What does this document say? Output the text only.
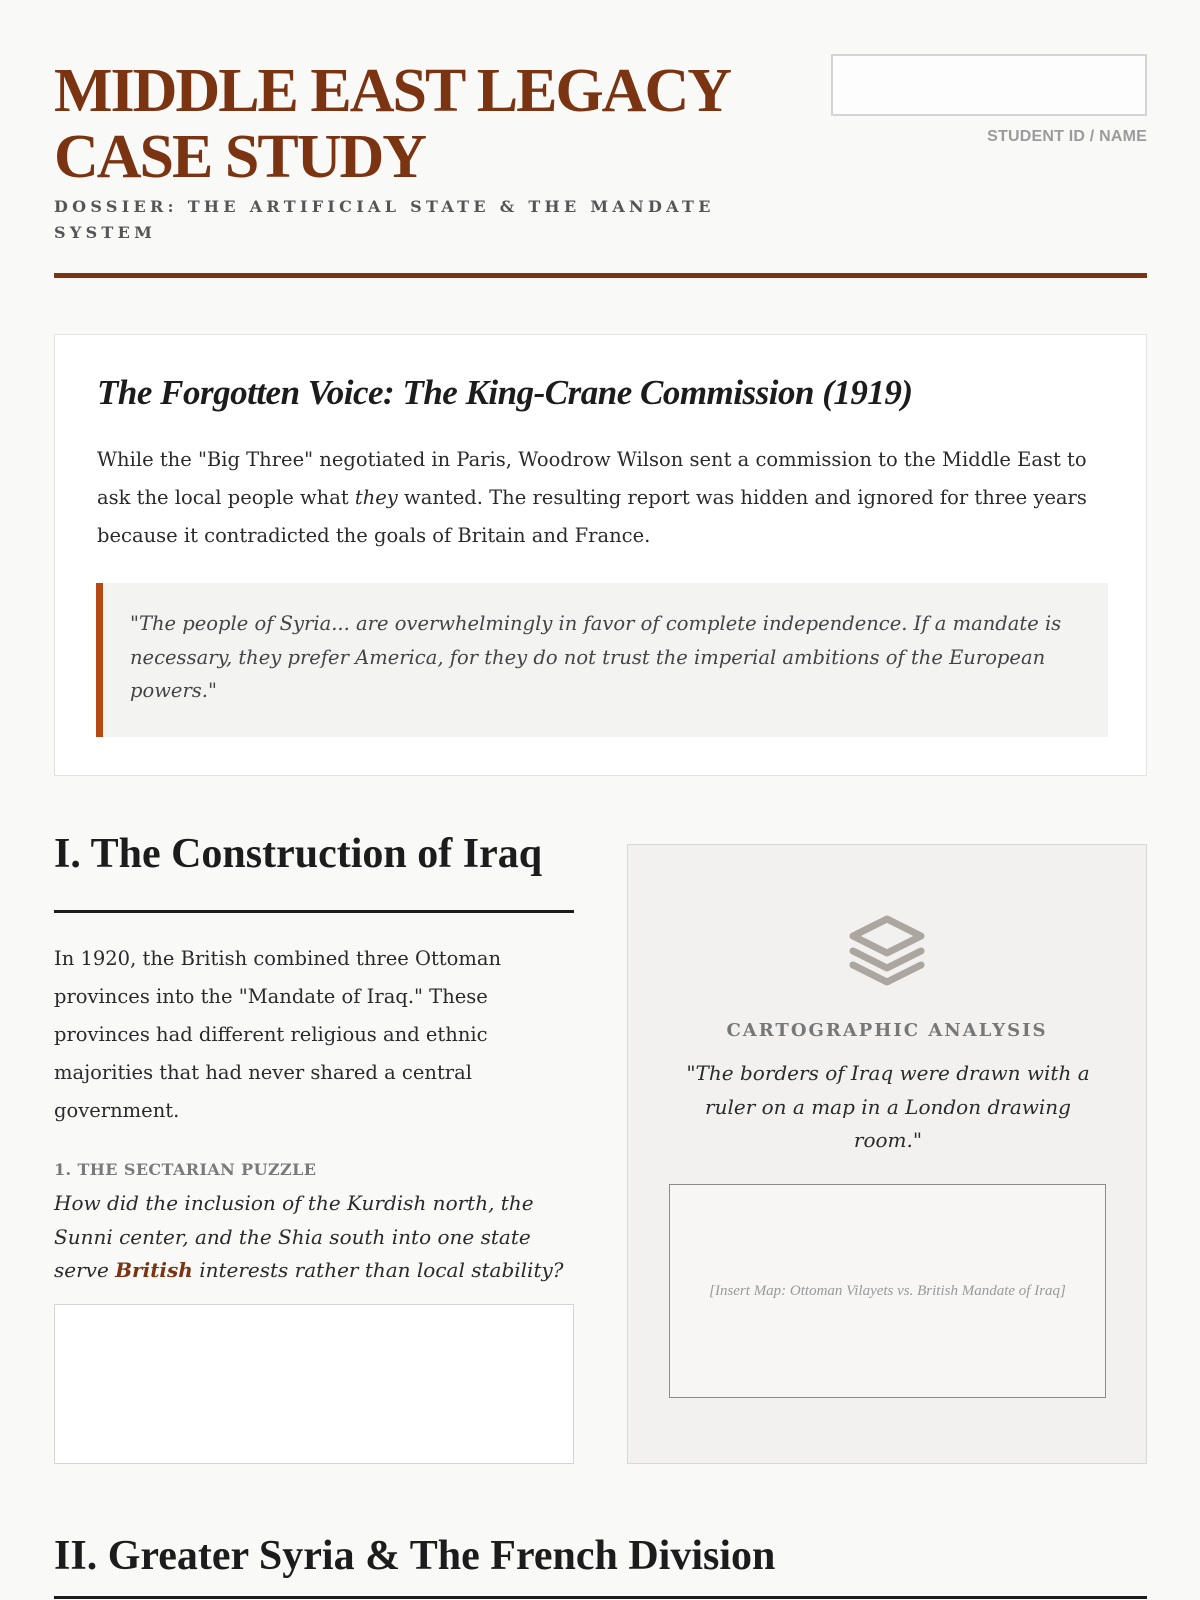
MIDDLE EAST LEGACY
CASE STUDY

DOSSIER: THE ARTIFICIAL STATE & THE MANDATE SYSTEM

STUDENT ID / NAME
The Forgotten Voice: The King-Crane Commission (1919)

While the "Big Three" negotiated in Paris, Woodrow Wilson sent a commission to the Middle East to ask the local people what they wanted. The resulting report was hidden and ignored for three years because it contradicted the goals of Britain and France.

"The people of Syria... are overwhelmingly in favor of complete independence. If a mandate is necessary, they prefer America, for they do not trust the imperial ambitions of the European powers."
I. The Construction of Iraq

In 1920, the British combined three Ottoman provinces into the "Mandate of Iraq." These provinces had different religious and ethnic majorities that had never shared a central government.

1. THE SECTARIAN PUZZLE

How did the inclusion of the Kurdish north, the Sunni center, and the Shia south into one state serve British interests rather than local stability?

CARTOGRAPHIC ANALYSIS

"The borders of Iraq were drawn with a ruler on a map in a London drawing room."

[Insert Map: Ottoman Vilayets vs. British Mandate of Iraq]
II. Greater Syria & The French Division
